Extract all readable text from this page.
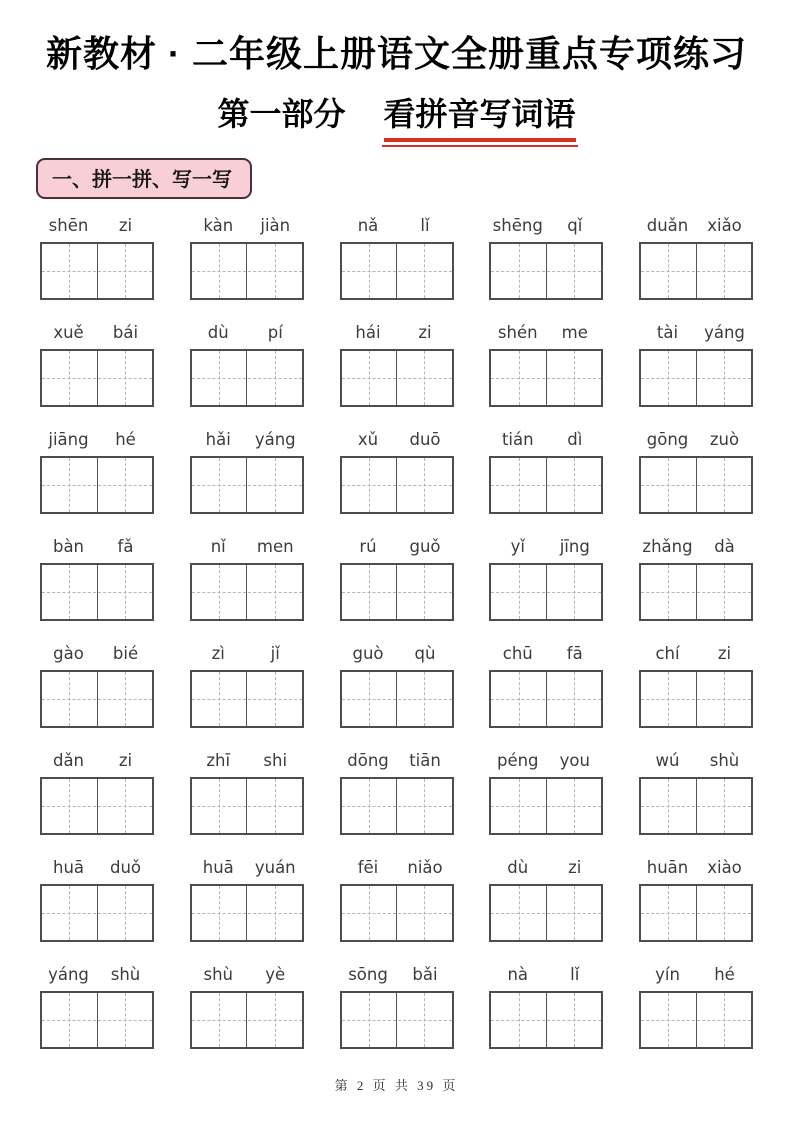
新教材 · 二年级上册语文全册重点专项练习
第一部分 看拼音写词语
一、拼一拼、写一写
shēn	zi	kàn	jiàn	nǎ	lǐ	shēng	qǐ	duǎn	xiǎo
xuě	bái	dù	pí	hái	zi	shén	me	tài	yáng
jiāng	hé	hǎi	yáng	xǔ	duō	tián	dì	gōng	zuò
bàn	fǎ	nǐ	men	rú	guǒ	yǐ	jīng	zhǎng	dà
gào	bié	zì	jǐ	guò	qù	chū	fā	chí	zi
dǎn	zi	zhī	shi	dōng	tiān	péng	you	wú	shù
huā	duǒ	huā	yuán	fēi	niǎo	dù	zi	huān	xiào
yáng	shù	shù	yè	sōng	bǎi	nà	lǐ	yín	hé
第 2 页 共 39 页
